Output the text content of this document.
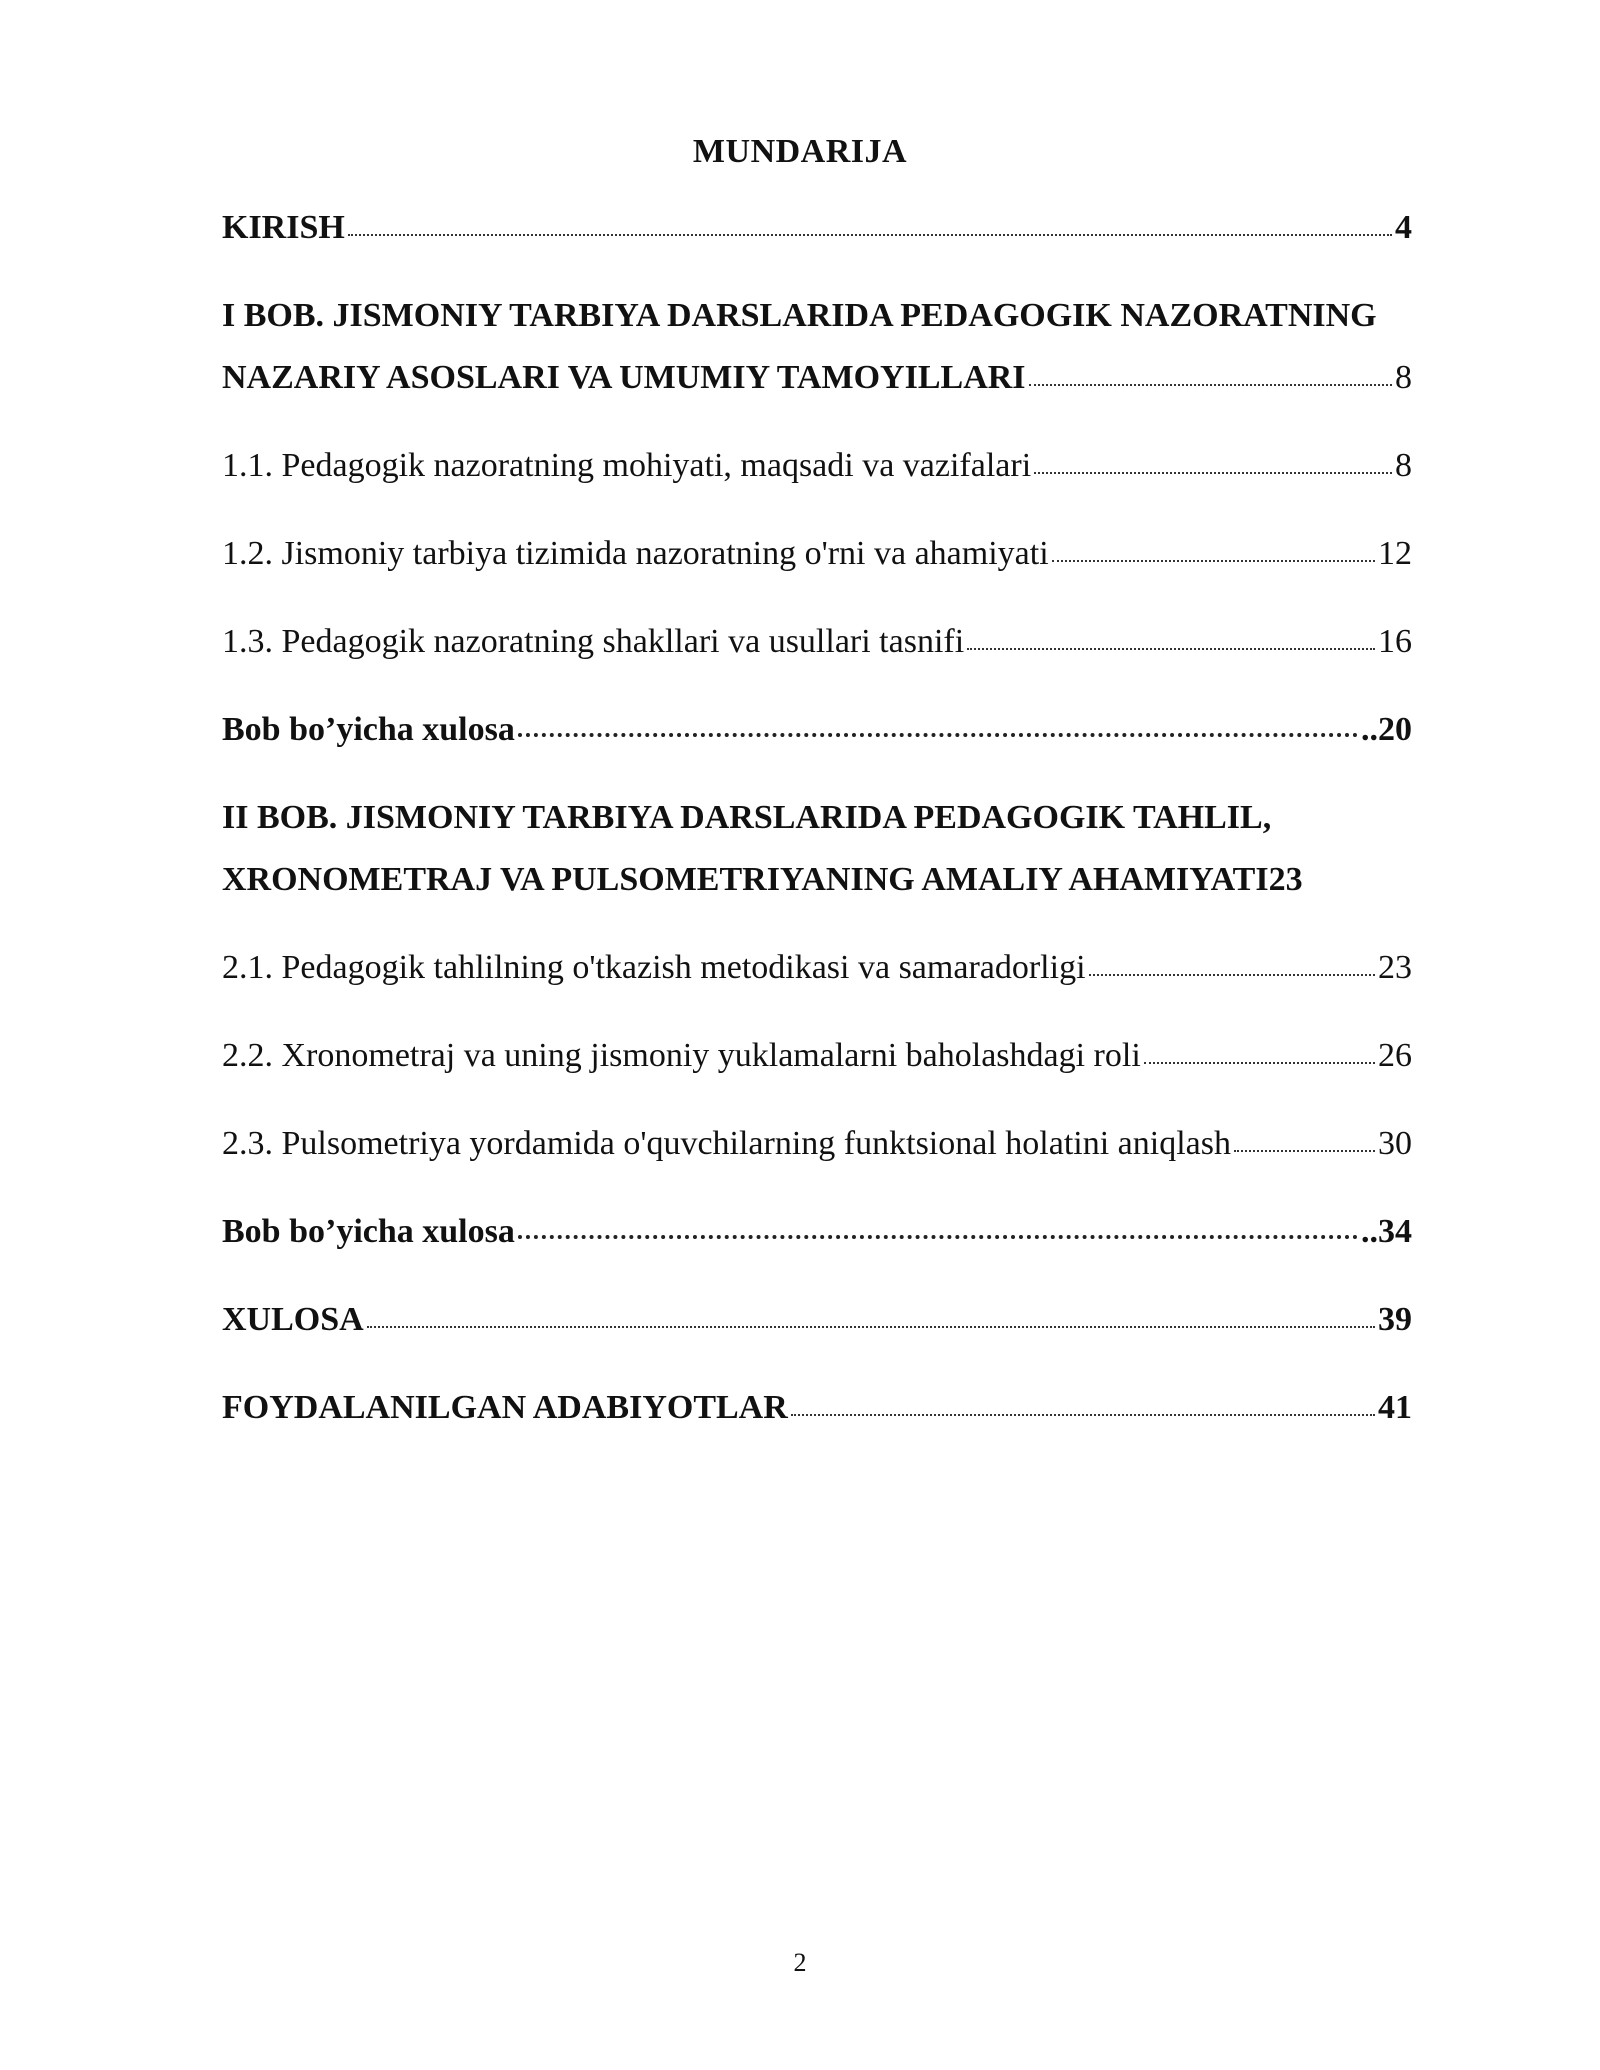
MUNDARIJA
KIRISH	4
I BOB. JISMONIY TARBIYA DARSLARIDA PEDAGOGIK NAZORATNING
NAZARIY ASOSLARI VA UMUMIY TAMOYILLARI	8
1.1. Pedagogik nazoratning mohiyati, maqsadi va vazifalari	8
1.2. Jismoniy tarbiya tizimida nazoratning o'rni va ahamiyati	12
1.3. Pedagogik nazoratning shakllari va usullari tasnifi	16
Bob bo’yicha xulosa	..20
II BOB. JISMONIY TARBIYA DARSLARIDA PEDAGOGIK TAHLIL,
XRONOMETRAJ VA PULSOMETRIYANING AMALIY AHAMIYATI 23
2.1. Pedagogik tahlilning o'tkazish metodikasi va samaradorligi	23
2.2. Xronometraj va uning jismoniy yuklamalarni baholashdagi roli	26
2.3. Pulsometriya yordamida o'quvchilarning funktsional holatini aniqlash	30
Bob bo’yicha xulosa	..34
XULOSA	39
FOYDALANILGAN ADABIYOTLAR	41
2
